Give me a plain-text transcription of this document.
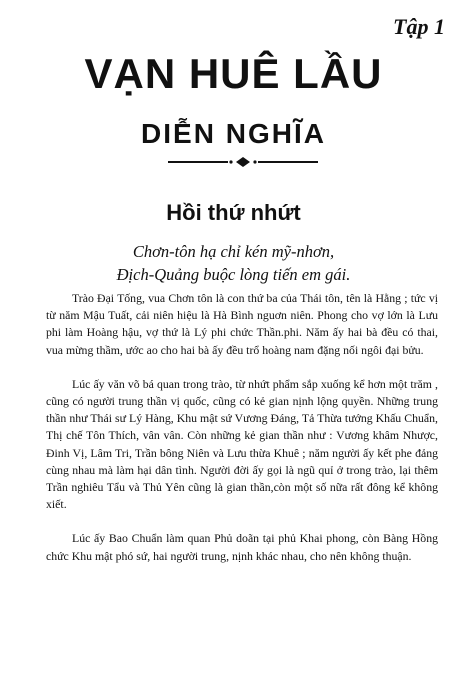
Tập 1
VẠN HUÊ LẦU
DIỄN NGHĨA
Hồi thứ nhứt
Chơn-tôn hạ chỉ kén mỹ-nhơn,
Địch-Quảng buộc lòng tiến em gái.

Trào Đại Tống, vua Chơn tôn là con thứ ba của Thái tôn, tên là Hằng ; tức vị từ năm Mậu Tuất, cải niên hiệu là Hà Bình nguơn niên. Phong cho vợ lớn là Lưu phi làm Hoàng hậu, vợ thứ là Lý phi chức Thần.phi. Năm ấy hai bà đều có thai, vua mừng thầm, ước ao cho hai bà ấy đều trổ hoàng nam đặng nối ngôi đại bửu.

Lúc ấy văn võ bá quan trong trào, từ nhứt phẩm sắp xuống kể hơn một trăm , cũng có người trung thần vị quốc, cũng có kẻ gian nịnh lộng quyền. Những trung thần như Thái sư Lý Hàng, Khu mật sứ Vương Đáng, Tả Thừa tướng Khấu Chuẩn, Thị chế Tôn Thích, vân vân. Còn những kẻ gian thần như : Vương khâm Nhược, Đinh Vị, Lâm Tri, Trần bông Niên và Lưu thừa Khuê ; năm người ấy kết phe đảng cùng nhau mà làm hại dân tình. Người đời ấy gọi là ngũ quỉ ở trong trào, lại thêm Trần nghiêu Tẩu và Thủ Yên cũng là gian thần,còn một số nữa rất đông kể không xiết.

Lúc ấy Bao Chuẩn làm quan Phủ doãn tại phủ Khai phong, còn Bàng Hồng chức Khu mật phó sứ, hai người trung, nịnh khác nhau, cho nên không thuận.
